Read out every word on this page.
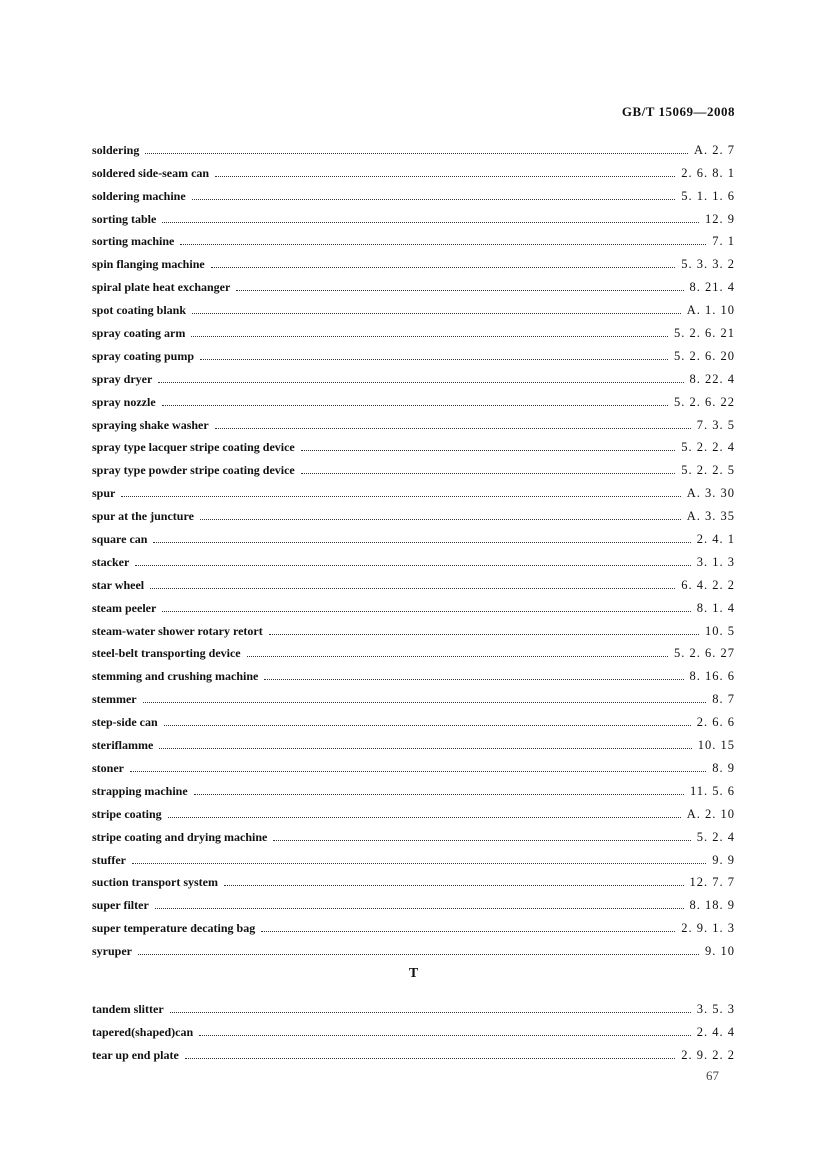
GB/T 15069—2008
soldering	A. 2. 7
soldered side-seam can	2. 6. 8. 1
soldering machine	5. 1. 1. 6
sorting table	12. 9
sorting machine	7. 1
spin flanging machine	5. 3. 3. 2
spiral plate heat exchanger	8. 21. 4
spot coating blank	A. 1. 10
spray coating arm	5. 2. 6. 21
spray coating pump	5. 2. 6. 20
spray dryer	8. 22. 4
spray nozzle	5. 2. 6. 22
spraying shake washer	7. 3. 5
spray type lacquer stripe coating device	5. 2. 2. 4
spray type powder stripe coating device	5. 2. 2. 5
spur	A. 3. 30
spur at the juncture	A. 3. 35
square can	2. 4. 1
stacker	3. 1. 3
star wheel	6. 4. 2. 2
steam peeler	8. 1. 4
steam-water shower rotary retort	10. 5
steel-belt transporting device	5. 2. 6. 27
stemming and crushing machine	8. 16. 6
stemmer	8. 7
step-side can	2. 6. 6
steriflamme	10. 15
stoner	8. 9
strapping machine	11. 5. 6
stripe coating	A. 2. 10
stripe coating and drying machine	5. 2. 4
stuffer	9. 9
suction transport system	12. 7. 7
super filter	8. 18. 9
super temperature decating bag	2. 9. 1. 3
syruper	9. 10
T
tandem slitter	3. 5. 3
tapered(shaped)can	2. 4. 4
tear up end plate	2. 9. 2. 2
67
